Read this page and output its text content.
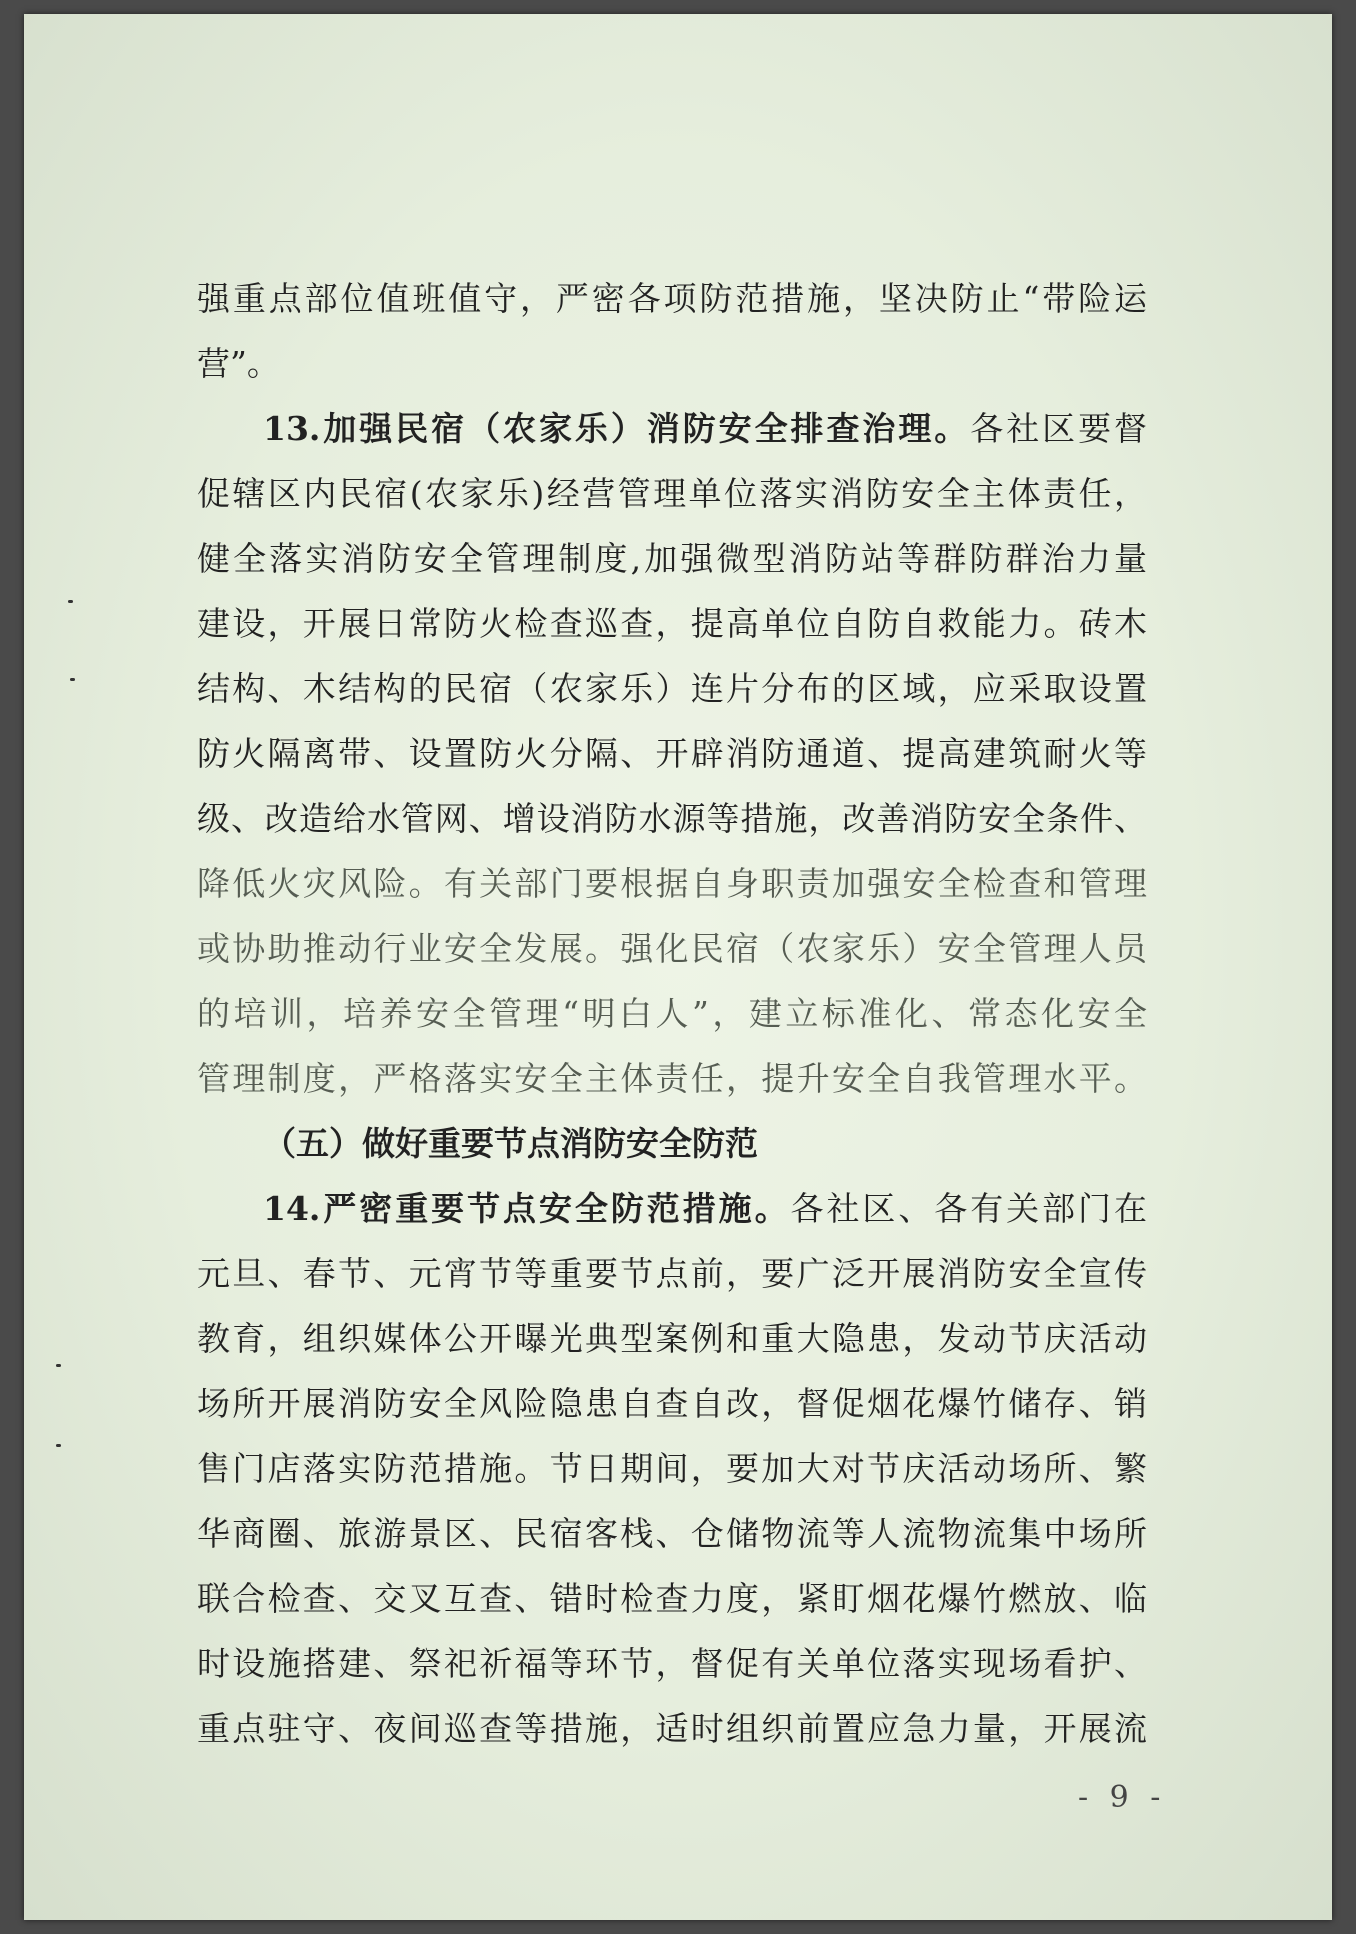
强重点部位值班值守，严密各项防范措施，坚决防止“带险运
营”。
13.加强民宿（农家乐）消防安全排查治理。各社区要督
促辖区内民宿(农家乐)经营管理单位落实消防安全主体责任，
健全落实消防安全管理制度,加强微型消防站等群防群治力量
建设，开展日常防火检查巡查，提高单位自防自救能力。砖木
结构、木结构的民宿（农家乐）连片分布的区域，应采取设置
防火隔离带、设置防火分隔、开辟消防通道、提高建筑耐火等
级、改造给水管网、增设消防水源等措施，改善消防安全条件、
降低火灾风险。有关部门要根据自身职责加强安全检查和管理
或协助推动行业安全发展。强化民宿（农家乐）安全管理人员
的培训，培养安全管理“明白人”，建立标准化、常态化安全
管理制度，严格落实安全主体责任，提升安全自我管理水平。
（五）做好重要节点消防安全防范
14.严密重要节点安全防范措施。各社区、各有关部门在
元旦、春节、元宵节等重要节点前，要广泛开展消防安全宣传
教育，组织媒体公开曝光典型案例和重大隐患，发动节庆活动
场所开展消防安全风险隐患自查自改，督促烟花爆竹储存、销
售门店落实防范措施。节日期间，要加大对节庆活动场所、繁
华商圈、旅游景区、民宿客栈、仓储物流等人流物流集中场所
联合检查、交叉互查、错时检查力度，紧盯烟花爆竹燃放、临
时设施搭建、祭祀祈福等环节，督促有关单位落实现场看护、
重点驻守、夜间巡查等措施，适时组织前置应急力量，开展流
- 9 -
